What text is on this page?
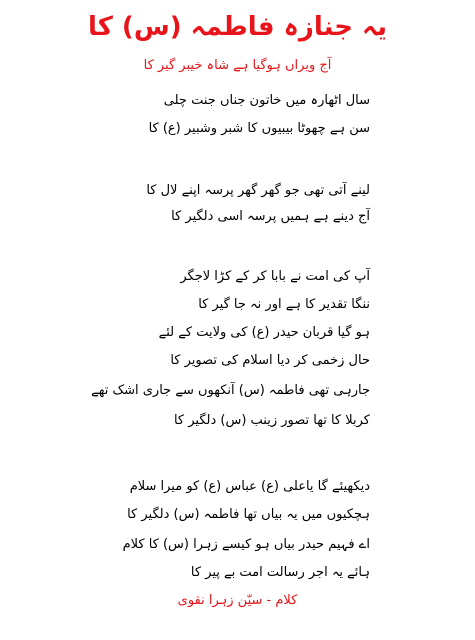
یہ جنازہ فاطمہ (س) کا
آج ویراں ہوگیا ہے شاہ خیبر گیر کا
سال اٹھارہ میں خاتون جناں جنت چلی
سن ہے چھوٹا بیبیوں کا شبر وشبیر (ع) کا
لینے آتی تھی جو گھر گھر پرسہ اپنے لال کا
آج دینے ہے ہمیں پرسہ اسی دلگیر کا
آپ کی امت نے بابا کر کے کڑا لاجگر
ننگا تقدیر کا ہے اور نہ جا گیر کا
ہو گیا قربان حیدر (ع) کی ولایت کے لئے
حال زخمی کر دیا اسلام کی تصویر کا
جارہی تھی فاطمہ (س) آنکھوں سے جاری اشک تھے
کربلا کا تھا تصور زینب (س) دلگیر کا
دیکھیئے گا یاعلی (ع) عباس (ع) کو میرا سلام
ہچکیوں میں یہ بیاں تھا فاطمہ (س) دلگیر کا
اے فہیم حیدر بیاں ہو کیسے زہرا (س) کا کلام
ہائے یہ اجر رسالت امت بے پیر کا
کلام - سیّن زہرا نقوی
